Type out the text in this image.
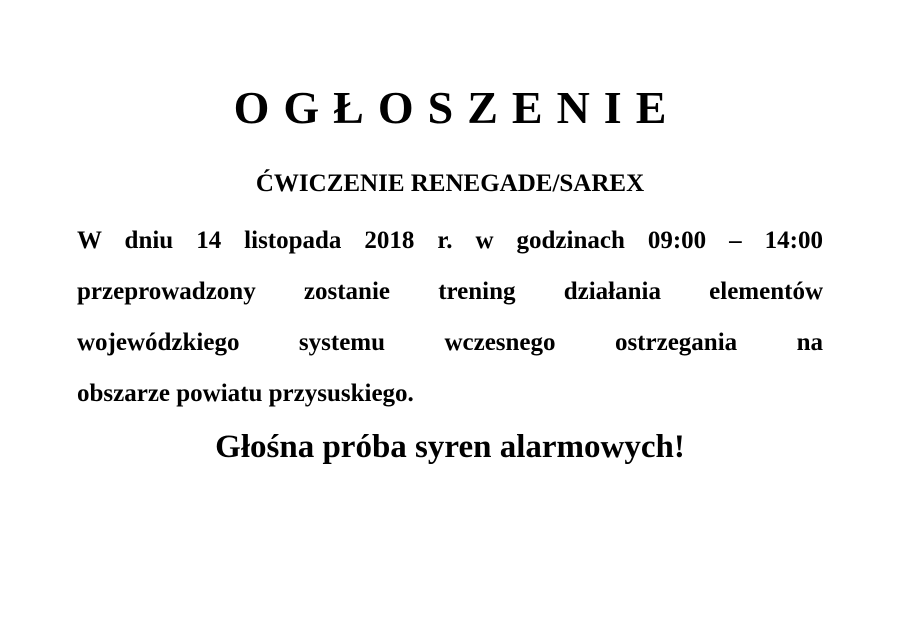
OGŁOSZENIE
ĆWICZENIE RENEGADE/SAREX
W dniu 14 listopada 2018 r. w godzinach 09:00 – 14:00
przeprowadzony zostanie trening działania elementów
wojewódzkiego systemu wczesnego ostrzegania na
obszarze powiatu przysuskiego.
Głośna próba syren alarmowych!
